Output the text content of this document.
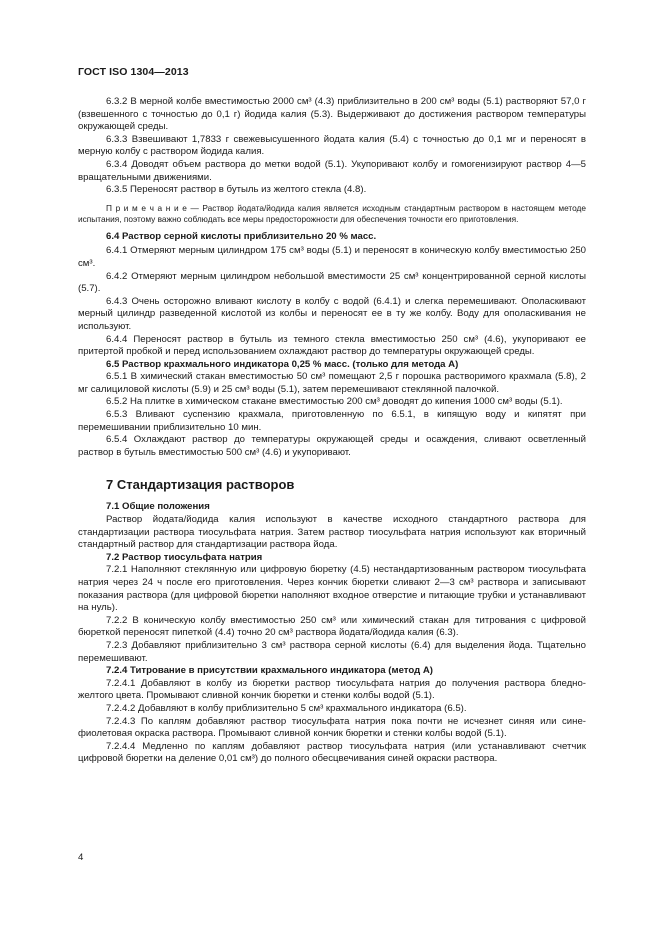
ГОСТ ISO 1304—2013

6.3.2 В мерной колбе вместимостью 2000 см³ (4.3) приблизительно в 200 см³ воды (5.1) растворяют 57,0 г (взвешенного с точностью до 0,1 г) йодида калия (5.3). Выдерживают до достижения раствором температуры окружающей среды.

6.3.3 Взвешивают 1,7833 г свежевысушенного йодата калия (5.4) с точностью до 0,1 мг и переносят в мерную колбу с раствором йодида калия.

6.3.4 Доводят объем раствора до метки водой (5.1). Укупоривают колбу и гомогенизируют раствор 4—5 вращательными движениями.

6.3.5 Переносят раствор в бутыль из желтого стекла (4.8).

П р и м е ч а н и е — Раствор йодата/йодида калия является исходным стандартным раствором в настоящем методе испытания, поэтому важно соблюдать все меры предосторожности для обеспечения точности его приготовления.

6.4 Раствор серной кислоты приблизительно 20 % масс.

6.4.1 Отмеряют мерным цилиндром 175 см³ воды (5.1) и переносят в коническую колбу вместимостью 250 см³.

6.4.2 Отмеряют мерным цилиндром небольшой вместимости 25 см³ концентрированной серной кислоты (5.7).

6.4.3 Очень осторожно вливают кислоту в колбу с водой (6.4.1) и слегка перемешивают. Ополаскивают мерный цилиндр разведенной кислотой из колбы и переносят ее в ту же колбу. Воду для ополаскивания не используют.

6.4.4 Переносят раствор в бутыль из темного стекла вместимостью 250 см³ (4.6), укупоривают ее притертой пробкой и перед использованием охлаждают раствор до температуры окружающей среды.

6.5 Раствор крахмального индикатора 0,25 % масс. (только для метода А)

6.5.1 В химический стакан вместимостью 50 см³ помещают 2,5 г порошка растворимого крахмала (5.8), 2 мг салициловой кислоты (5.9) и 25 см³ воды (5.1), затем перемешивают стеклянной палочкой.

6.5.2 На плитке в химическом стакане вместимостью 200 см³ доводят до кипения 1000 см³ воды (5.1).

6.5.3 Вливают суспензию крахмала, приготовленную по 6.5.1, в кипящую воду и кипятят при перемешивании приблизительно 10 мин.

6.5.4 Охлаждают раствор до температуры окружающей среды и осаждения, сливают осветленный раствор в бутыль вместимостью 500 см³ (4.6) и укупоривают.

7 Стандартизация растворов

7.1 Общие положения

Раствор йодата/йодида калия используют в качестве исходного стандартного раствора для стандартизации раствора тиосульфата натрия. Затем раствор тиосульфата натрия используют как вторичный стандартный раствор для стандартизации раствора йода.

7.2 Раствор тиосульфата натрия

7.2.1 Наполняют стеклянную или цифровую бюретку (4.5) нестандартизованным раствором тиосульфата натрия через 24 ч после его приготовления. Через кончик бюретки сливают 2—3 см³ раствора и записывают показания раствора (для цифровой бюретки наполняют входное отверстие и питающие трубки и устанавливают на нуль).

7.2.2 В коническую колбу вместимостью 250 см³ или химический стакан для титрования с цифровой бюреткой переносят пипеткой (4.4) точно 20 см³ раствора йодата/йодида калия (6.3).

7.2.3 Добавляют приблизительно 3 см³ раствора серной кислоты (6.4) для выделения йода. Тщательно перемешивают.

7.2.4 Титрование в присутствии крахмального индикатора (метод А)

7.2.4.1 Добавляют в колбу из бюретки раствор тиосульфата натрия до получения раствора бледно-желтого цвета. Промывают сливной кончик бюретки и стенки колбы водой (5.1).

7.2.4.2 Добавляют в колбу приблизительно 5 см³ крахмального индикатора (6.5).

7.2.4.3 По каплям добавляют раствор тиосульфата натрия пока почти не исчезнет синяя или сине-фиолетовая окраска раствора. Промывают сливной кончик бюретки и стенки колбы водой (5.1).

7.2.4.4 Медленно по каплям добавляют раствор тиосульфата натрия (или устанавливают счетчик цифровой бюретки на деление 0,01 см³) до полного обесцвечивания синей окраски раствора.

4
